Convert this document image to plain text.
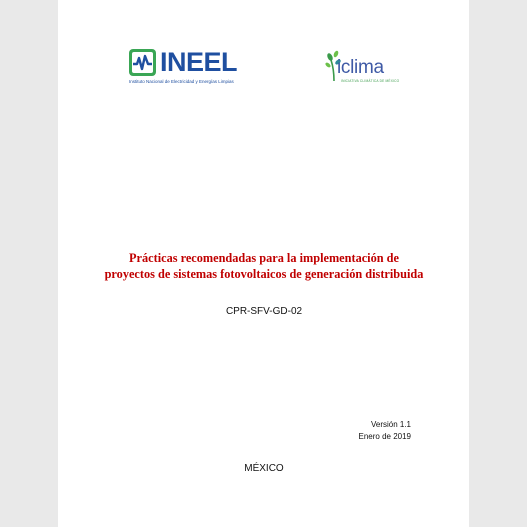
INEEL
Instituto Nacional de Electricidad y Energías Limpias
iclima
INICIATIVA CLIMÁTICA DE MÉXICO
Prácticas recomendadas para la implementación de proyectos de sistemas fotovoltaicos de generación distribuida
CPR-SFV-GD-02
Versión 1.1
Enero de 2019
MÉXICO
